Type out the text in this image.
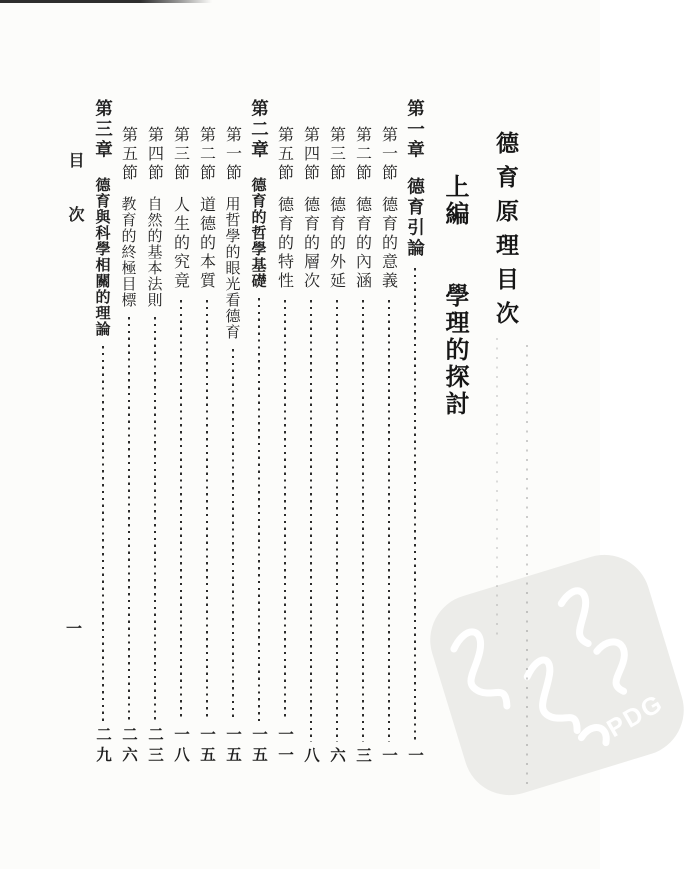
PDG
德育原理目次
上編 學理的探討
目次
一
第一章
德育引論
一
第一節
德育的意義
一
第二節
德育的內涵
三
第三節
德育的外延
六
第四節
德育的層次
八
第五節
德育的特性
一一
第二章
德育的哲學基礎
一五
第一節
用哲學的眼光看德育
一五
第二節
道德的本質
一五
第三節
人生的究竟
一八
第四節
自然的基本法則
二三
第五節
教育的終極目標
二六
第三章
德育與科學相關的理論
二九
